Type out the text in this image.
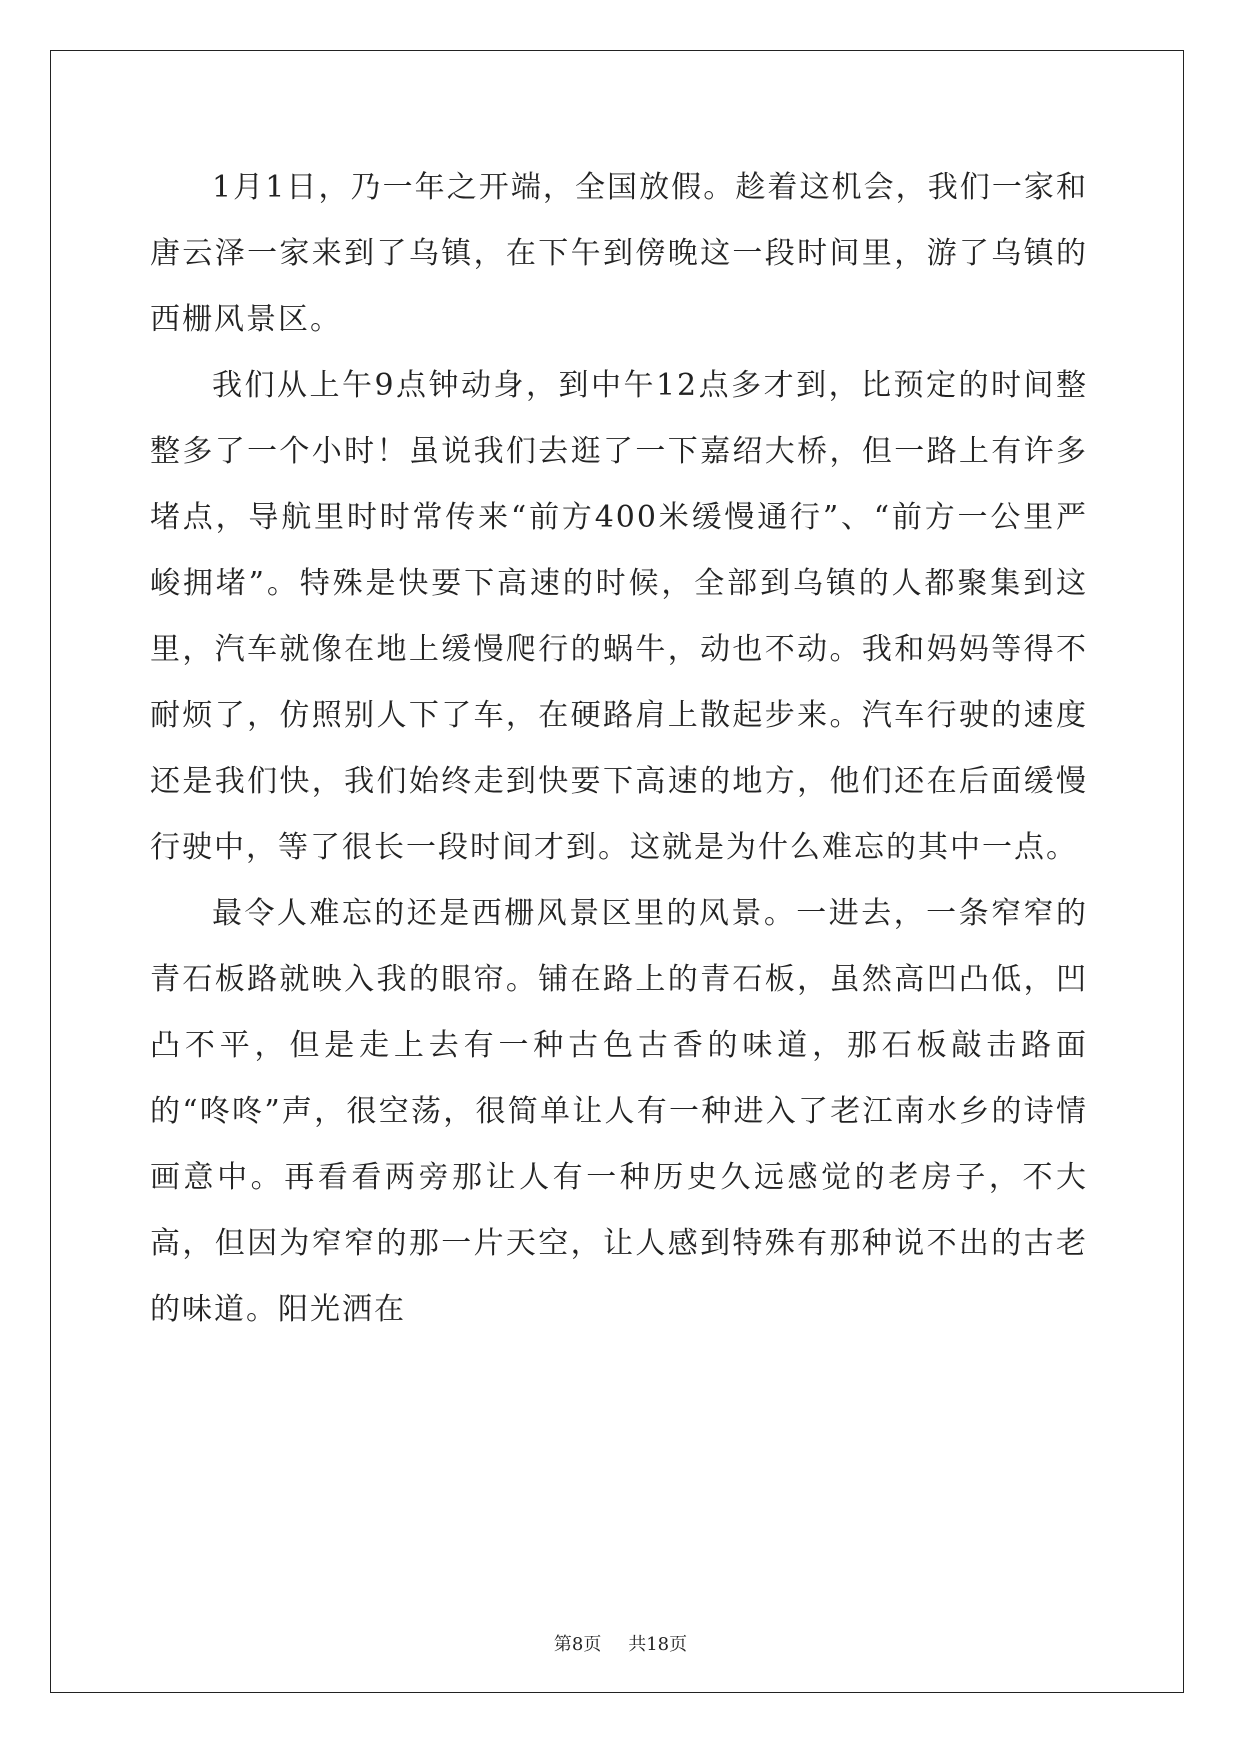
1月1日，乃一年之开端，全国放假。趁着这机会，我们一家和唐云泽一家来到了乌镇，在下午到傍晚这一段时间里，游了乌镇的西栅风景区。

我们从上午9点钟动身，到中午12点多才到，比预定的时间整整多了一个小时！虽说我们去逛了一下嘉绍大桥，但一路上有许多堵点，导航里时时常传来“前方400米缓慢通行”、“前方一公里严峻拥堵”。特殊是快要下高速的时候，全部到乌镇的人都聚集到这里，汽车就像在地上缓慢爬行的蜗牛，动也不动。我和妈妈等得不耐烦了，仿照别人下了车，在硬路肩上散起步来。汽车行驶的速度还是我们快，我们始终走到快要下高速的地方，他们还在后面缓慢行驶中，等了很长一段时间才到。这就是为什么难忘的其中一点。

最令人难忘的还是西栅风景区里的风景。一进去，一条窄窄的青石板路就映入我的眼帘。铺在路上的青石板，虽然高凹凸低，凹凸不平，但是走上去有一种古色古香的味道，那石板敲击路面的“咚咚”声，很空荡，很简单让人有一种进入了老江南水乡的诗情画意中。再看看两旁那让人有一种历史久远感觉的老房子，不大高，但因为窄窄的那一片天空，让人感到特殊有那种说不出的古老的味道。阳光洒在

第8页 共18页
